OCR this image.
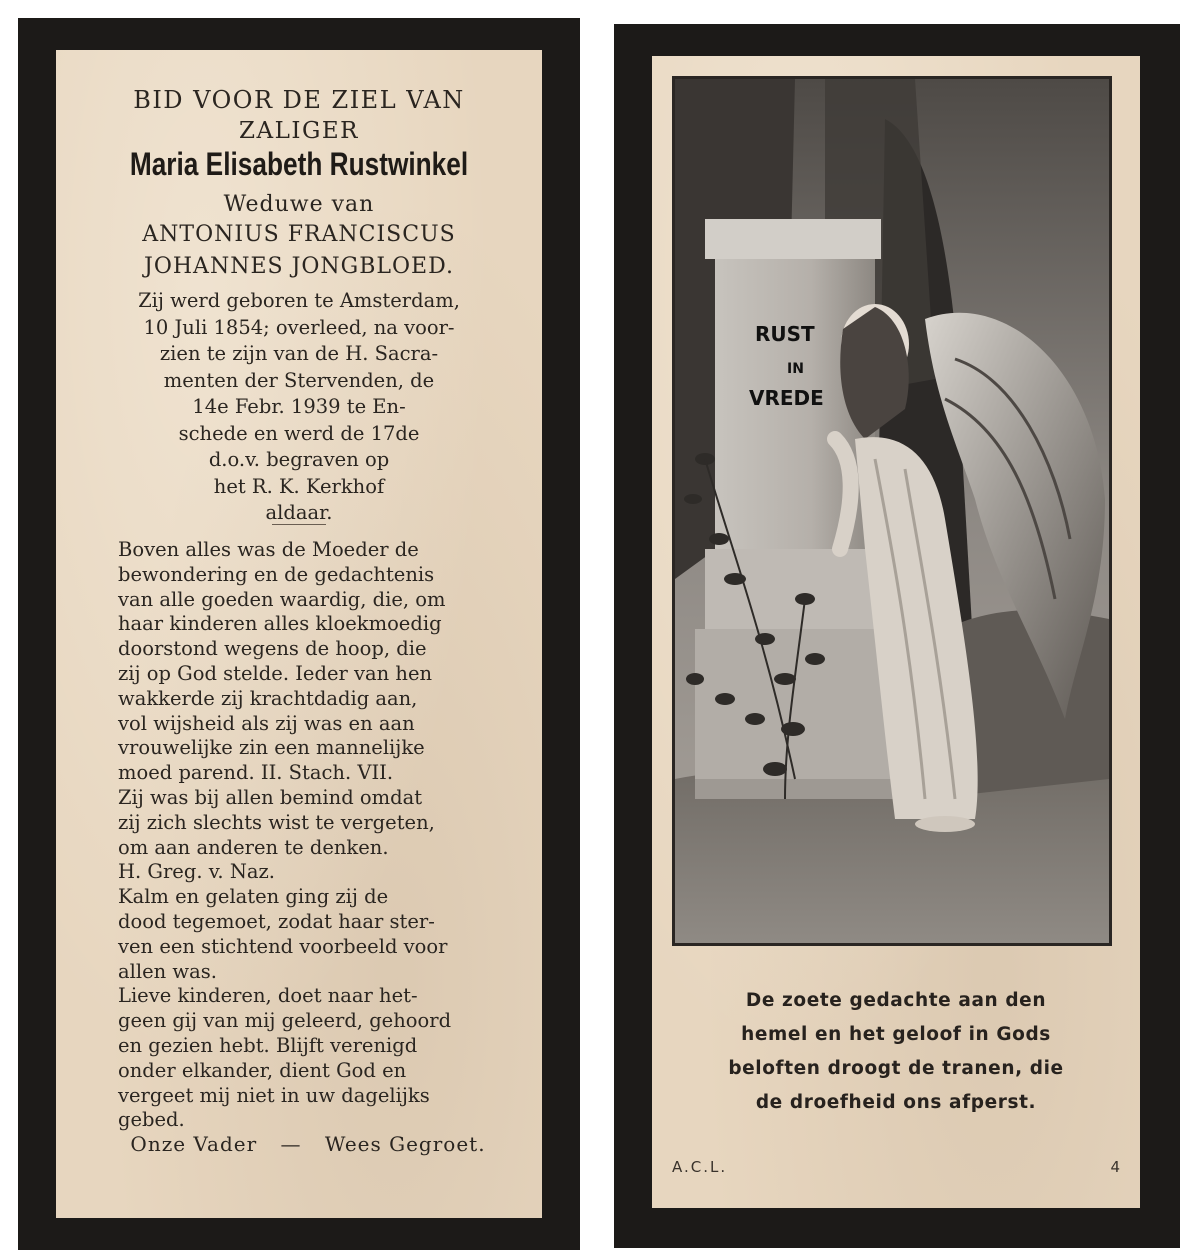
BID VOOR DE ZIEL VAN
ZALIGER
Maria Elisabeth Rustwinkel
Weduwe van
ANTONIUS FRANCISCUS
JOHANNES JONGBLOED.
Zij werd geboren te Amsterdam,
10 Juli 1854; overleed, na voor-
zien te zijn van de H. Sacra-
menten der Stervenden, de
14e Febr. 1939 te En-
schede en werd de 17de
d.o.v. begraven op
het R. K. Kerkhof
aldaar.
Boven alles was de Moeder de
bewondering en de gedachtenis
van alle goeden waardig, die, om
haar kinderen alles kloekmoedig
doorstond wegens de hoop, die
zij op God stelde. Ieder van hen
wakkerde zij krachtdadig aan,
vol wijsheid als zij was en aan
vrouwelijke zin een mannelijke
moed parend. II. Stach. VII.
Zij was bij allen bemind omdat
zij zich slechts wist te vergeten,
om aan anderen te denken.
H. Greg. v. Naz.
Kalm en gelaten ging zij de
dood tegemoet, zodat haar ster-
ven een stichtend voorbeeld voor
allen was.
Lieve kinderen, doet naar het-
geen gij van mij geleerd, gehoord
en gezien hebt. Blijft verenigd
onder elkander, dient God en
vergeet mij niet in uw dagelijks
gebed.
Onze Vader — Wees Gegroet.
RUST
IN
VREDE
De zoete gedachte aan den
hemel en het geloof in Gods
beloften droogt de tranen, die
de droefheid ons afperst.
A.C.L.	4
